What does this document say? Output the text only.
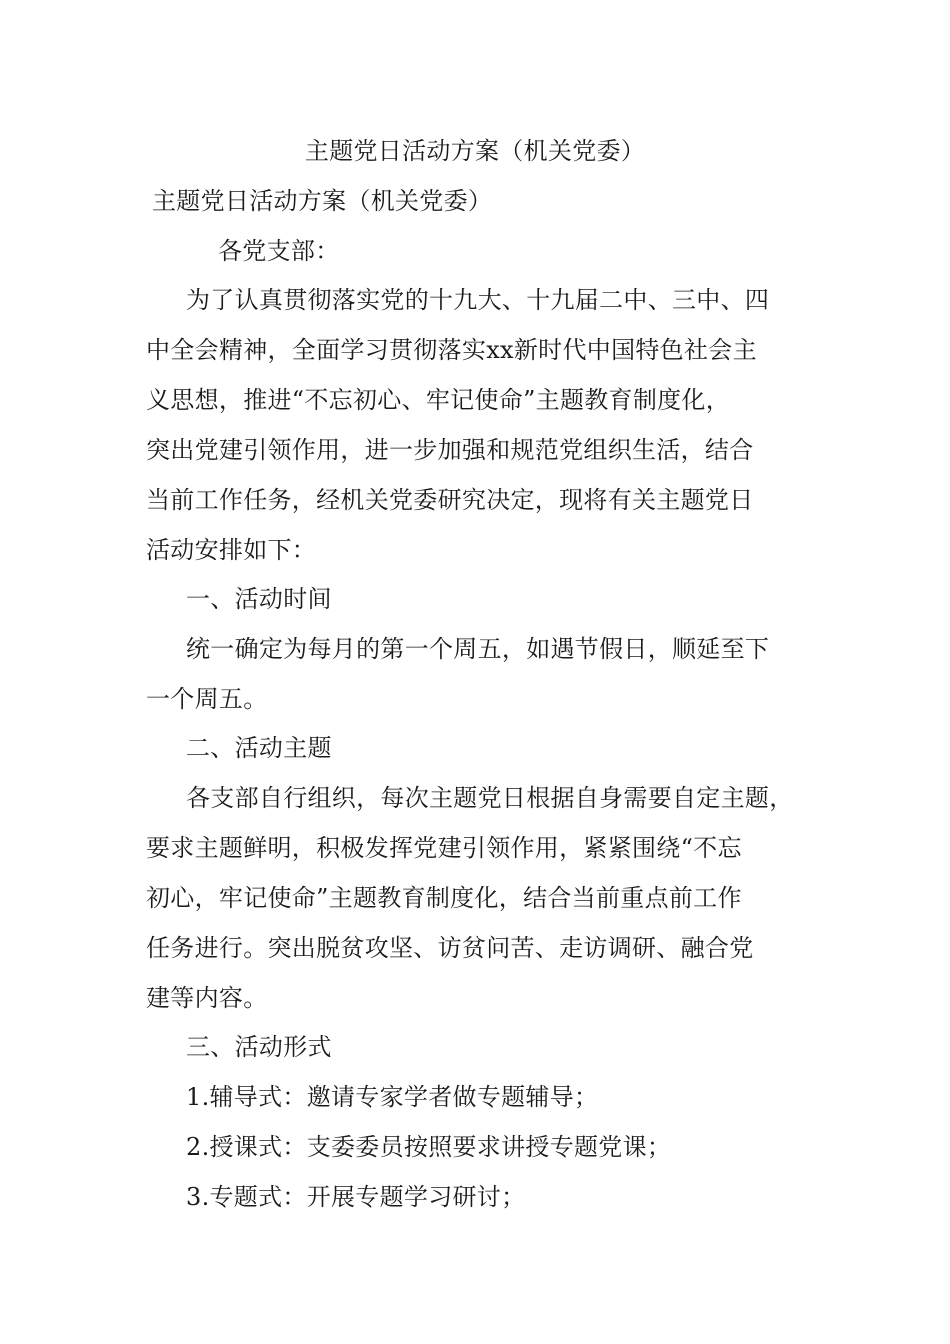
主题党日活动方案（机关党委）
主题党日活动方案（机关党委）
各党支部：
为了认真贯彻落实党的十九大、十九届二中、三中、四
中全会精神，全面学习贯彻落实xx新时代中国特色社会主
义思想，推进“不忘初心、牢记使命”主题教育制度化，
突出党建引领作用，进一步加强和规范党组织生活，结合
当前工作任务，经机关党委研究决定，现将有关主题党日
活动安排如下：
一、活动时间
统一确定为每月的第一个周五，如遇节假日，顺延至下
一个周五。
二、活动主题
各支部自行组织，每次主题党日根据自身需要自定主题，
要求主题鲜明，积极发挥党建引领作用，紧紧围绕“不忘
初心，牢记使命”主题教育制度化，结合当前重点前工作
任务进行。突出脱贫攻坚、访贫问苦、走访调研、融合党
建等内容。
三、活动形式
1.辅导式：邀请专家学者做专题辅导；
2.授课式：支委委员按照要求讲授专题党课；
3.专题式：开展专题学习研讨；
